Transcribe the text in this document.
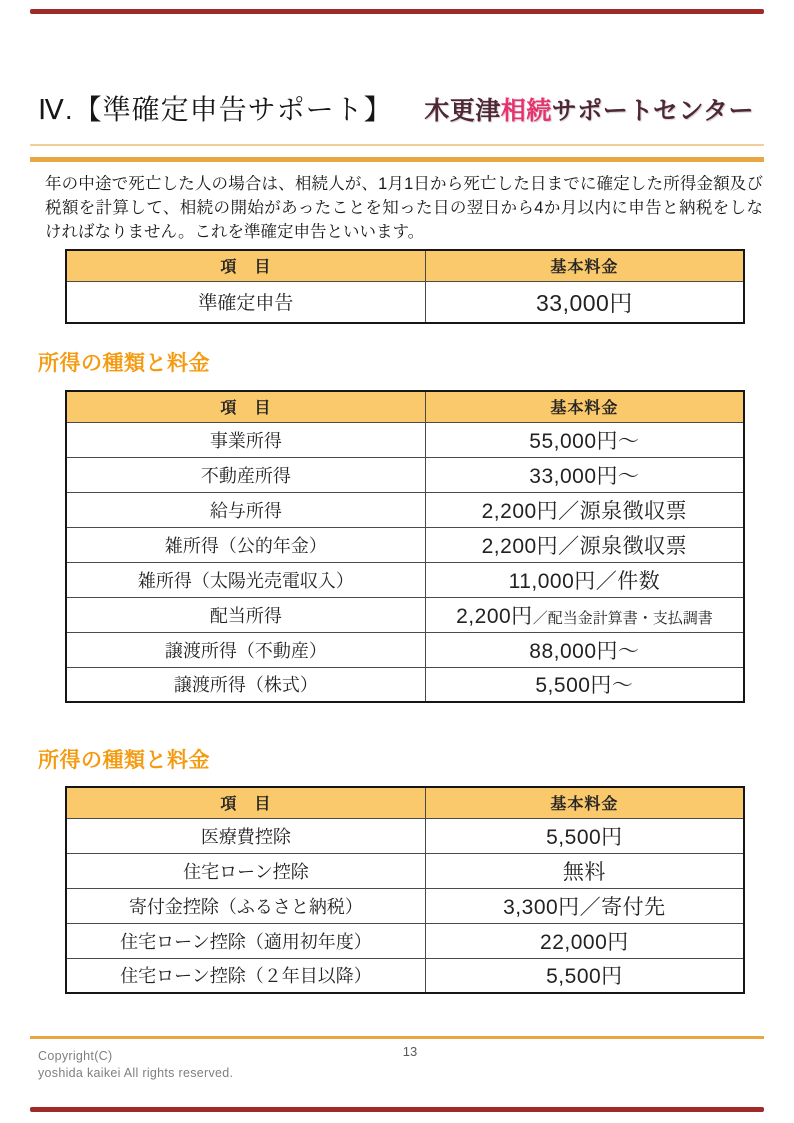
Ⅳ.【準確定申告サポート】 木更津相続サポートセンター

年の中途で死亡した人の場合は、相続人が、1月1日から死亡した日までに確定した所得金額及び税額を計算して、相続の開始があったことを知った日の翌日から4か月以内に申告と納税をしなければなりません。これを準確定申告といいます。

項　目	基本料金
準確定申告	33,000円
所得の種類と料金
項　目	基本料金
事業所得	55,000円～
不動産所得	33,000円～
給与所得	2,200円／源泉徴収票
雑所得（公的年金）	2,200円／源泉徴収票
雑所得（太陽光売電収入）	11,000円／件数
配当所得	2,200円／配当金計算書・支払調書
譲渡所得（不動産）	88,000円～
譲渡所得（株式）	5,500円～
所得の種類と料金
項　目	基本料金
医療費控除	5,500円
住宅ローン控除	無料
寄付金控除（ふるさと納税）	3,300円／寄付先
住宅ローン控除（適用初年度）	22,000円
住宅ローン控除（２年目以降）	5,500円
Copyright(C)
yoshida kaikei All rights reserved.
13
